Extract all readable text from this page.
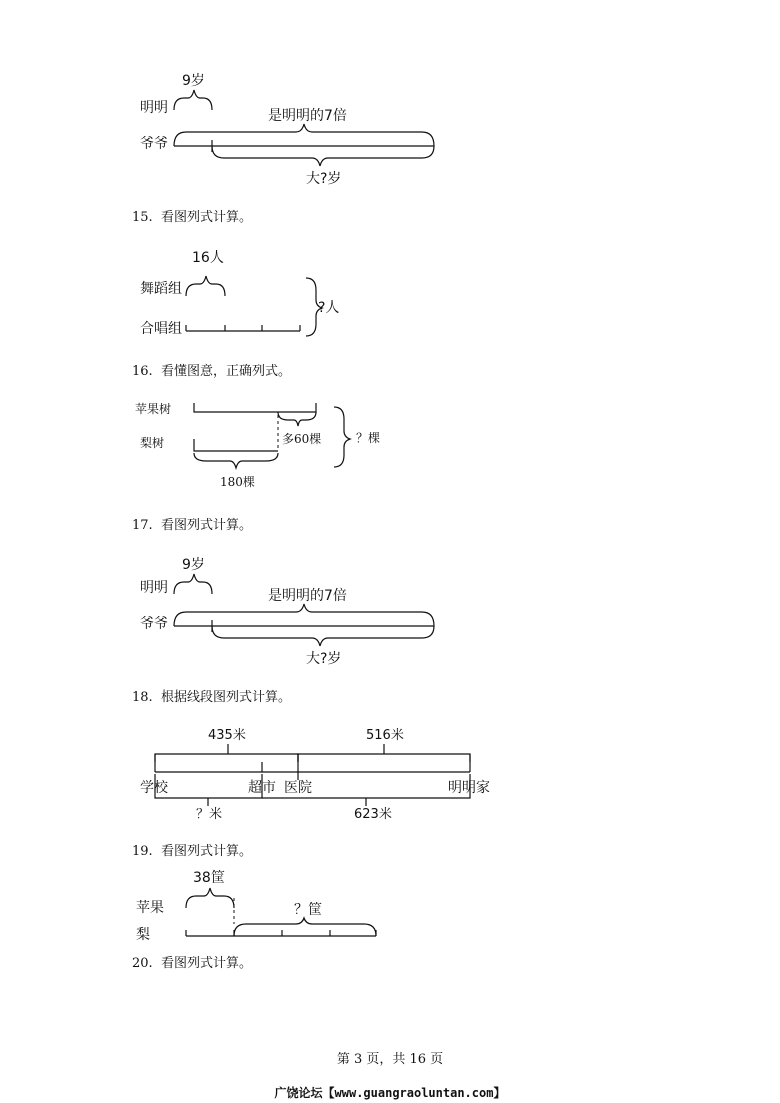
9岁
明明	是明明的7倍
爷爷
大?岁
15. 看图列式计算。
16人
舞蹈组
合唱组
?人
16. 看懂图意，正确列式。
苹果树
多60棵
梨树
180棵
？棵
17. 看图列式计算。
9岁
明明	是明明的7倍
爷爷
大?岁
18. 根据线段图列式计算。
435米	516米
学校	超市 医院	明明家
？米	623米
19. 看图列式计算。
38筐
苹果	？筐
梨
20. 看图列式计算。
第 3 页，共 16 页
广饶论坛【www.guangraoluntan.com】
